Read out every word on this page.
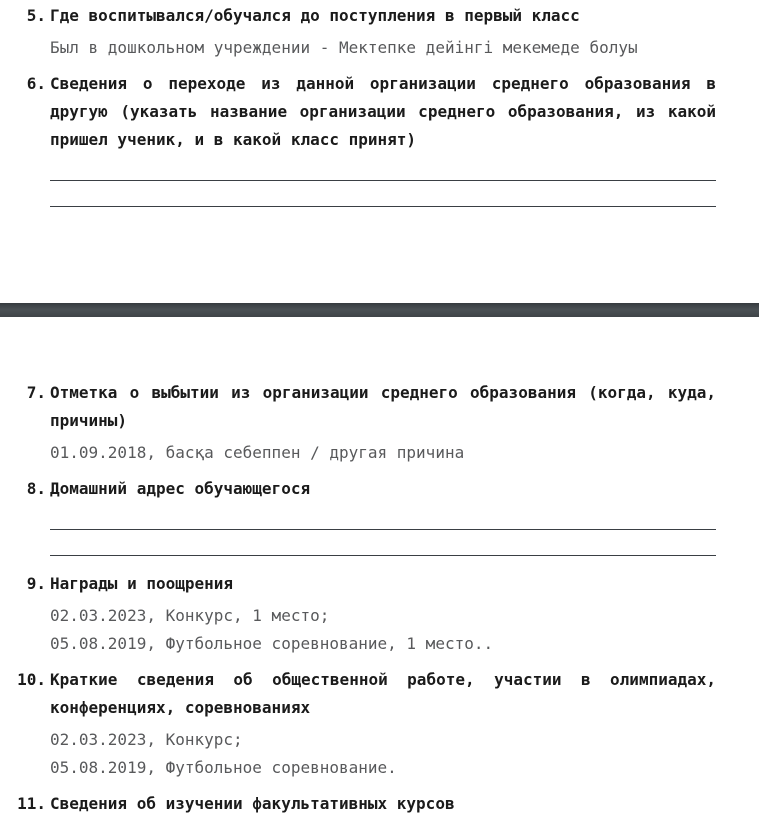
5. Где воспитывался/обучался до поступления в первый класс

Был в дошкольном учреждении - Мектепке дейінгі мекемеде болуы

6. Сведения о переходе из данной организации среднего образования в другую (указать название организации среднего образования, из какой пришел ученик, и в какой класс принят)

7. Отметка о выбытии из организации среднего образования (когда, куда, причины)

01.09.2018, басқа себеппен / другая причина

8. Домашний адрес обучающегося

9. Награды и поощрения

02.03.2023, Конкурс, 1 место;

05.08.2019, Футбольное соревнование, 1 место..

10. Краткие сведения об общественной работе, участии в олимпиадах, конференциях, соревнованиях

02.03.2023, Конкурс;

05.08.2019, Футбольное соревнование.

11. Сведения об изучении факультативных курсов
